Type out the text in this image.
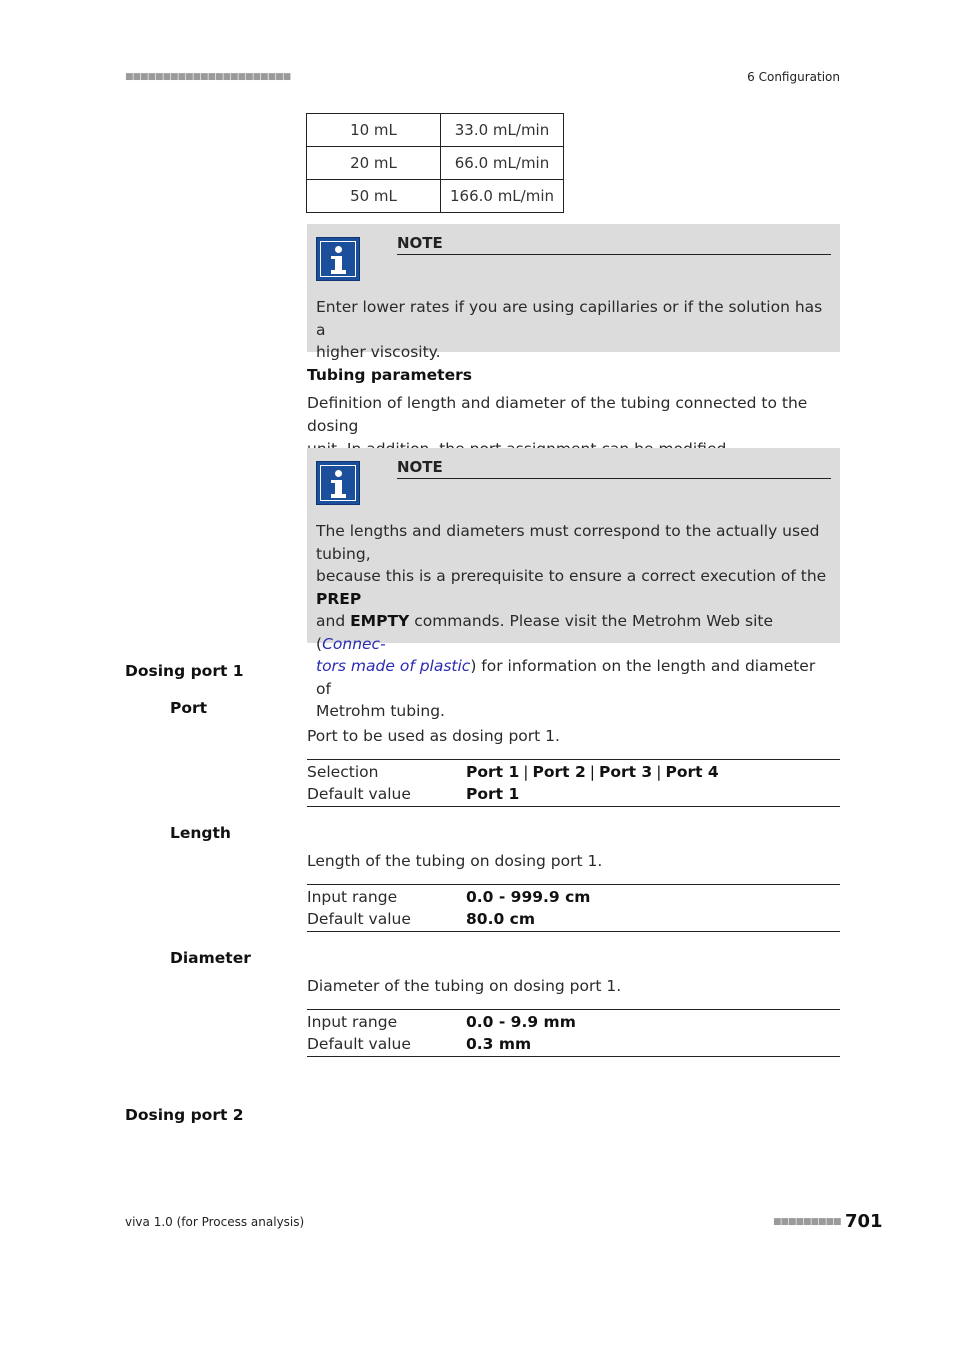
■■■■■■■■■■■■■■■■■■■■■■	6 Configuration
10 mL	33.0 mL/min
20 mL	66.0 mL/min
50 mL	166.0 mL/min
NOTE
Enter lower rates if you are using capillaries or if the solution has a
higher viscosity.
Tubing parameters
Definition of length and diameter of the tubing connected to the dosing
NOTE
The lengths and diameters must correspond to the actually used tubing,
because this is a prerequisite to ensure a correct execution of the PREP
and EMPTY commands. Please visit the Metrohm Web site (Connec-
tors made of plastic) for information on the length and diameter of
Metrohm tubing.
Dosing port 1
Port
Port to be used as dosing port 1.
Selection	Port 1 | Port 2 | Port 3 | Port 4
Default value	Port 1
Length
Length of the tubing on dosing port 1.
Input range	0.0 - 999.9 cm
Default value	80.0 cm
Diameter
Diameter of the tubing on dosing port 1.
Input range	0.0 - 9.9 mm
Default value	0.3 mm
Dosing port 2
viva 1.0 (for Process analysis)	■■■■■■■■■ 701
